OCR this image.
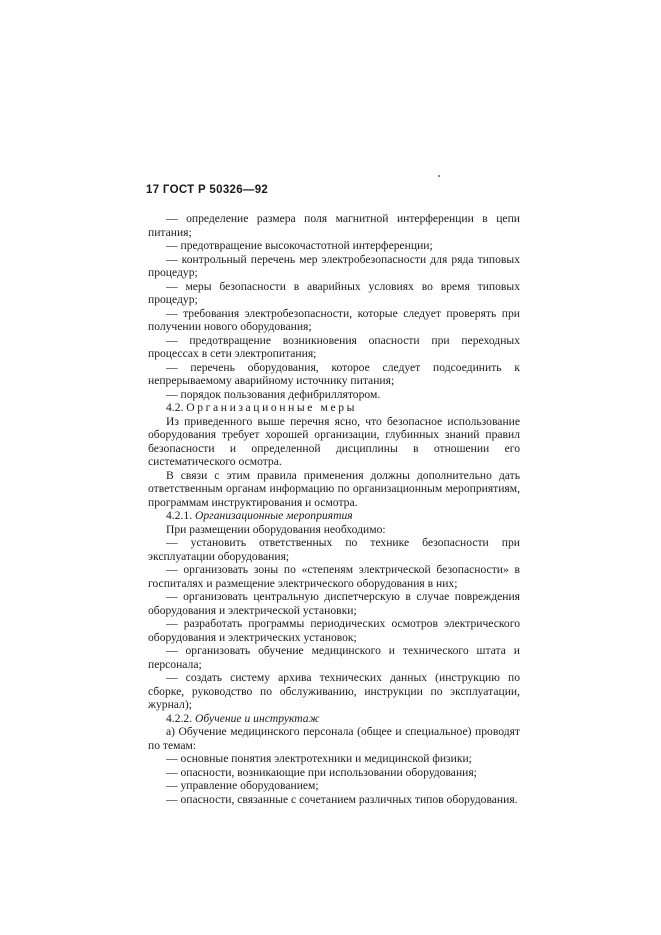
17 ГОСТ Р 50326—92

— определение размера поля магнитной интерференции в цепи питания;

— предотвращение высокочастотной интерференции;

— контрольный перечень мер электробезопасности для ряда типовых процедур;

— меры безопасности в аварийных условиях во время типовых процедур;

— требования электробезопасности, которые следует проверять при получении нового оборудования;

— предотвращение возникновения опасности при переходных процессах в сети электропитания;

— перечень оборудования, которое следует подсоединить к непрерываемому аварийному источнику питания;

— порядок пользования дефибриллятором.

4.2. Организационные меры

Из приведенного выше перечня ясно, что безопасное использование оборудования требует хорошей организации, глубинных знаний правил безопасности и определенной дисциплины в отношении его систематического осмотра.

В связи с этим правила применения должны дополнительно дать ответственным органам информацию по организационным мероприятиям, программам инструктирования и осмотра.

4.2.1. Организационные мероприятия

При размещении оборудования необходимо:

— установить ответственных по технике безопасности при эксплуатации оборудования;

— организовать зоны по «степеням электрической безопасности» в госпиталях и размещение электрического оборудования в них;

— организовать центральную диспетчерскую в случае повреждения оборудования и электрической установки;

— разработать программы периодических осмотров электрического оборудования и электрических установок;

— организовать обучение медицинского и технического штата и персонала;

— создать систему архива технических данных (инструкцию по сборке, руководство по обслуживанию, инструкции по эксплуатации, журнал);

4.2.2. Обучение и инструктаж

а) Обучение медицинского персонала (общее и специальное) проводят по темам:

— основные понятия электротехники и медицинской физики;

— опасности, возникающие при использовании оборудования;

— управление оборудованием;

— опасности, связанные с сочетанием различных типов оборудования.
